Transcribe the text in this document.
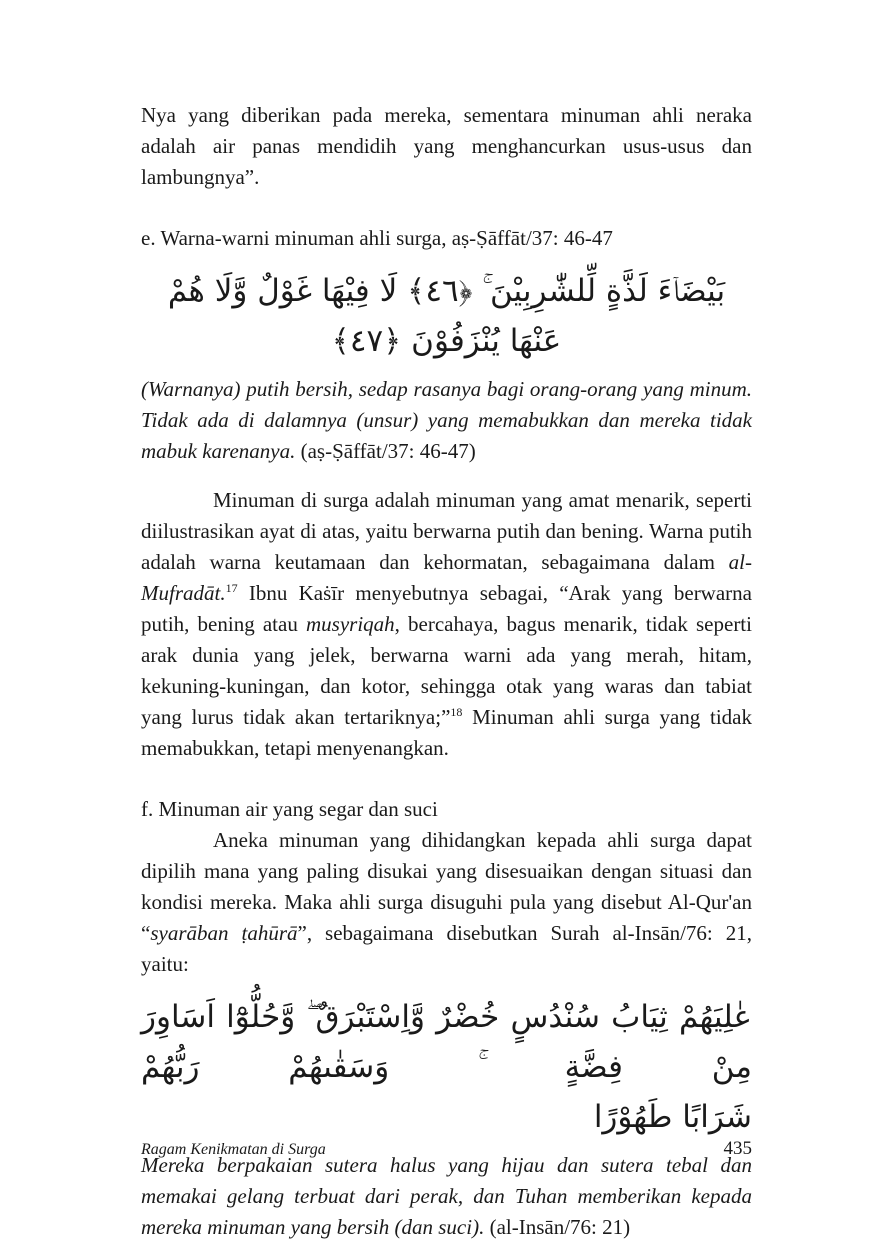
Nya yang diberikan pada mereka, sementara minuman ahli neraka adalah air panas mendidih yang menghancurkan usus-usus dan lambungnya”.

e. Warna-warni minuman ahli surga, aṣ-Ṣāffāt/37: 46-47

بَيْضَاۤءَ لَذَّةٍ لِّلشّٰرِبِيْنَ ۚ ﴿٤٦﴾ لَا فِيْهَا غَوْلٌ وَّلَا هُمْ عَنْهَا يُنْزَفُوْنَ ﴿٤٧﴾

(Warnanya) putih bersih, sedap rasanya bagi orang-orang yang minum. Tidak ada di dalamnya (unsur) yang memabukkan dan mereka tidak mabuk karenanya. (aṣ-Ṣāffāt/37: 46-47)

Minuman di surga adalah minuman yang amat menarik, seperti diilustrasikan ayat di atas, yaitu berwarna putih dan bening. Warna putih adalah warna keutamaan dan kehormatan, sebagaimana dalam al-Mufradāt.$^{17}$ Ibnu Kaṡīr menyebutnya sebagai, “Arak yang berwarna putih, bening atau musyriqah, bercahaya, bagus menarik, tidak seperti arak dunia yang jelek, berwarna warni ada yang merah, hitam, kekuning-kuningan, dan kotor, sehingga otak yang waras dan tabiat yang lurus tidak akan tertariknya;”$^{18}$ Minuman ahli surga yang tidak memabukkan, tetapi menyenangkan.

f. Minuman air yang segar dan suci

Aneka minuman yang dihidangkan kepada ahli surga dapat dipilih mana yang paling disukai yang disesuaikan dengan situasi dan kondisi mereka. Maka ahli surga disuguhi pula yang disebut Al-Qur'an “syarāban ṭahūrā”, sebagaimana disebutkan Surah al-Insān/76: 21, yaitu:

عٰلِيَهُمْ ثِيَابُ سُنْدُسٍ خُضْرٌ وَّاِسْتَبْرَقٌ ۖ وَّحُلُّوْٓا اَسَاوِرَ مِنْ فِضَّةٍ ۚ وَسَقٰىهُمْ رَبُّهُمْ
شَرَابًا طَهُوْرًا

Mereka berpakaian sutera halus yang hijau dan sutera tebal dan memakai gelang terbuat dari perak, dan Tuhan memberikan kepada mereka minuman yang bersih (dan suci). (al-Insān/76: 21)

Ragam Kenikmatan di Surga	435
